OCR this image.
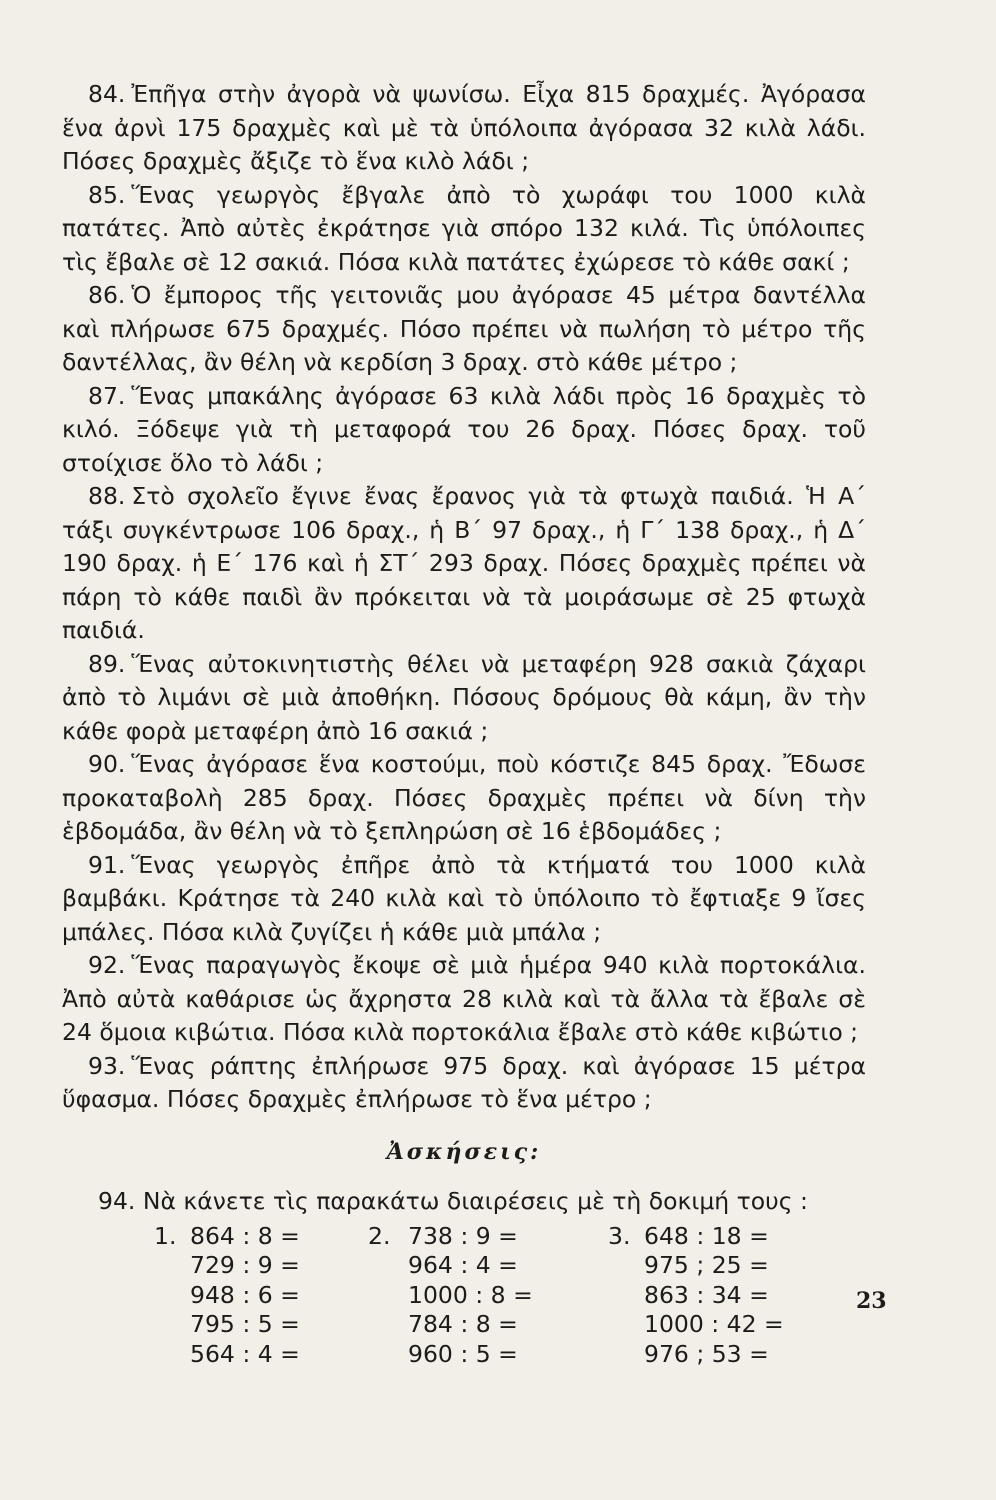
84. Ἐπῆγα στὴν ἀγορὰ νὰ ψωνίσω. Εἶχα 815 δραχμές. Ἀγόρασα ἕνα ἀρνὶ 175 δραχμὲς καὶ μὲ τὰ ὑπόλοιπα ἀγόρασα 32 κιλὰ λάδι. Πόσες δραχμὲς ἄξιζε τὸ ἕνα κιλὸ λάδι ;

85. Ἕνας γεωργὸς ἔβγαλε ἀπὸ τὸ χωράφι του 1000 κιλὰ πατάτες. Ἀπὸ αὐτὲς ἐκράτησε γιὰ σπόρο 132 κιλά. Τὶς ὑπόλοιπες τὶς ἔβαλε σὲ 12 σακιά. Πόσα κιλὰ πατάτες ἐχώρεσε τὸ κάθε σακί ;

86. Ὁ ἔμπορος τῆς γειτονιᾶς μου ἀγόρασε 45 μέτρα δαντέλλα καὶ πλήρωσε 675 δραχμές. Πόσο πρέπει νὰ πωλήση τὸ μέτρο τῆς δαντέλλας, ἂν θέλη νὰ κερδίση 3 δραχ. στὸ κάθε μέτρο ;

87. Ἕνας μπακάλης ἀγόρασε 63 κιλὰ λάδι πρὸς 16 δραχμὲς τὸ κιλό. Ξόδεψε γιὰ τὴ μεταφορά του 26 δραχ. Πόσες δραχ. τοῦ στοίχισε ὅλο τὸ λάδι ;

88. Στὸ σχολεῖο ἔγινε ἔνας ἔρανος γιὰ τὰ φτωχὰ παιδιά. Ἡ Α΄ τάξι συγκέντρωσε 106 δραχ., ἡ Β΄ 97 δραχ., ἡ Γ΄ 138 δραχ., ἡ Δ΄ 190 δραχ. ἡ Ε΄ 176 καὶ ἡ ΣΤ΄ 293 δραχ. Πόσες δραχμὲς πρέπει νὰ πάρη τὸ κάθε παιδὶ ἂν πρόκειται νὰ τὰ μοιράσωμε σὲ 25 φτωχὰ παιδιά.

89. Ἕνας αὐτοκινητιστὴς θέλει νὰ μεταφέρη 928 σακιὰ ζάχαρι ἀπὸ τὸ λιμάνι σὲ μιὰ ἀποθήκη. Πόσους δρόμους θὰ κάμη, ἂν τὴν κάθε φορὰ μεταφέρη ἀπὸ 16 σακιά ;

90. Ἕνας ἀγόρασε ἕνα κοστούμι, ποὺ κόστιζε 845 δραχ. Ἔδωσε προκαταβολὴ 285 δραχ. Πόσες δραχμὲς πρέπει νὰ δίνη τὴν ἑβδομάδα, ἂν θέλη νὰ τὸ ξεπληρώση σὲ 16 ἑβδομάδες ;

91. Ἕνας γεωργὸς ἐπῆρε ἀπὸ τὰ κτήματά του 1000 κιλὰ βαμβάκι. Κράτησε τὰ 240 κιλὰ καὶ τὸ ὑπόλοιπο τὸ ἔφτιαξε 9 ἴσες μπάλες. Πόσα κιλὰ ζυγίζει ἡ κάθε μιὰ μπάλα ;

92. Ἕνας παραγωγὸς ἔκοψε σὲ μιὰ ἡμέρα 940 κιλὰ πορτοκάλια. Ἀπὸ αὐτὰ καθάρισε ὡς ἄχρηστα 28 κιλὰ καὶ τὰ ἄλλα τὰ ἔβαλε σὲ 24 ὅμοια κιβώτια. Πόσα κιλὰ πορτοκάλια ἔβαλε στὸ κάθε κιβώτιο ;

93. Ἕνας ράπτης ἐπλήρωσε 975 δραχ. καὶ ἀγόρασε 15 μέτρα ὕφασμα. Πόσες δραχμὲς ἐπλήρωσε τὸ ἕνα μέτρο ;

Ἀσκήσεις:

94. Νὰ κάνετε τὶς παρακάτω διαιρέσεις μὲ τὴ δοκιμή τους :

1. 864 : 8 =
729 : 9 =
948 : 6 =
795 : 5 =
564 : 4 =
2. 738 : 9 =
964 : 4 =
1000 : 8 =
784 : 8 =
960 : 5 =
3. 648 : 18 =
975 ; 25 =
863 : 34 =
1000 : 42 =
976 ; 53 =
23
